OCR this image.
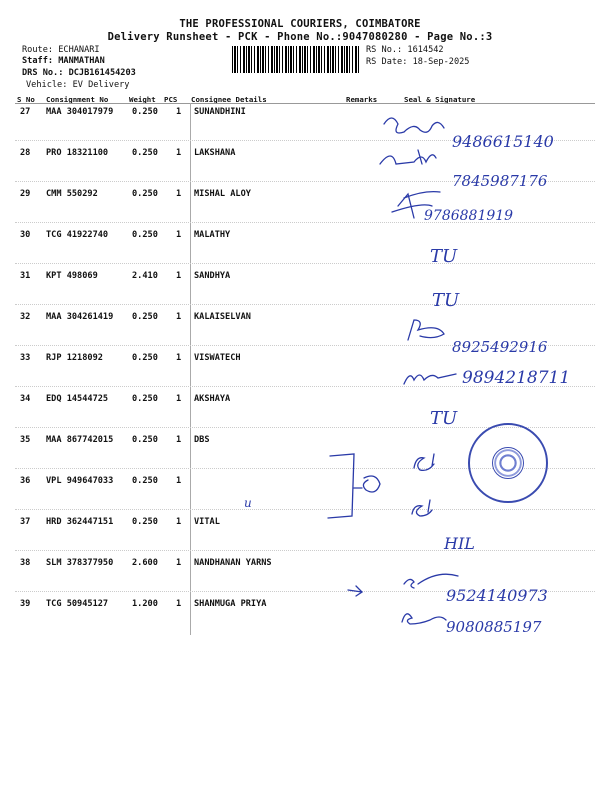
THE PROFESSIONAL COURIERS, COIMBATORE
Delivery Runsheet - PCK - Phone No.:9047080280 - Page No.:3
Route: ECHANARI
Staff: MANMATHAN
DRS No.: DCJB161454203
Vehicle: EV Delivery
RS No.: 1614542
RS Date: 18-Sep-2025
S No Consignment No	Weight PCS Consignee Details	Remarks	Seal & Signature
27 MAA 304017979 0.250 1 SUNANDHINI
28 PRO 18321100	0.250 1 LAKSHANA
29 CMM 550292	0.250 1 MISHAL ALOY
30 TCG 41922740	0.250 1 MALATHY
31 KPT 498069	2.410 1 SANDHYA
32 MAA 304261419 0.250 1 KALAISELVAN
33 RJP 1218092	0.250 1 VISWATECH
34 EDQ 14544725	0.250 1 AKSHAYA
35 MAA 867742015 0.250 1 DBS
36 VPL 949647033 0.250 1
37 HRD 362447151 0.250 1 VITAL
38 SLM 378377950 2.600 1 NANDHANAN YARNS
39 TCG 50945127	1.200 1 SHANMUGA PRIYA
9486615140
7845987176
9786881919
TU
TU
8925492916
9894218711
TU
HIL
9524140973
9080885197
u
